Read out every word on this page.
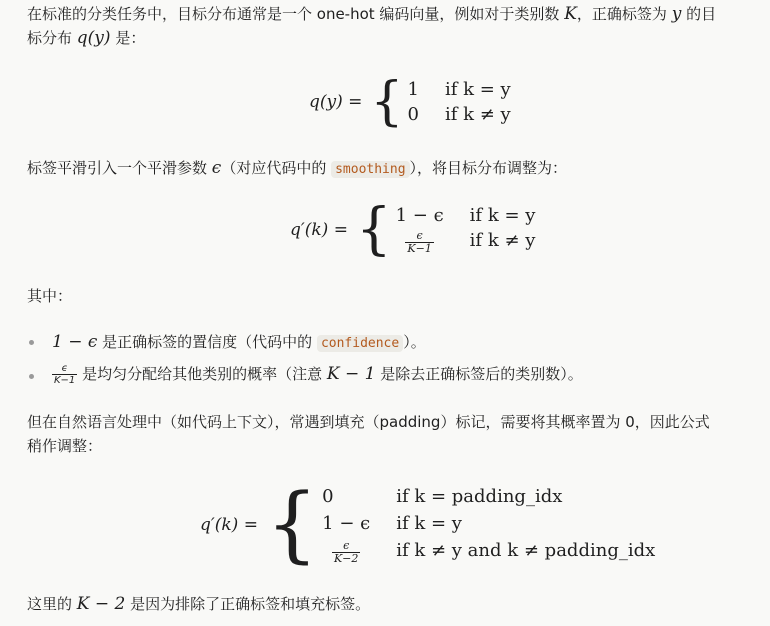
在标准的分类任务中，目标分布通常是一个 one-hot 编码向量，例如对于类别数 K，正确标签为 y 的目
标分布 q(y) 是：

q(y) = { 1 if k = y
0 if k ≠ y

标签平滑引入一个平滑参数 ϵ（对应代码中的 smoothing ），将目标分布调整为：

q′(k) = { 1 − ϵ if k = y
$\frac{\epsilon}{K-1}$ if k ≠ y

其中：

1 − ϵ 是正确标签的置信度（代码中的 confidence ）。
$\frac{\epsilon}{K-1}$ 是均匀分配给其他类别的概率（注意 K − 1 是除去正确标签后的类别数）。

但在自然语言处理中（如代码上下文），常遇到填充（padding）标记，需要将其概率置为 0，因此公式
稍作调整：

q′(k) = { 0	if k = padding_idx
1 − ϵ if k = y
$\frac{\epsilon}{K-2}$ if k ≠ y and k ≠ padding_idx

这里的 K − 2 是因为排除了正确标签和填充标签。
